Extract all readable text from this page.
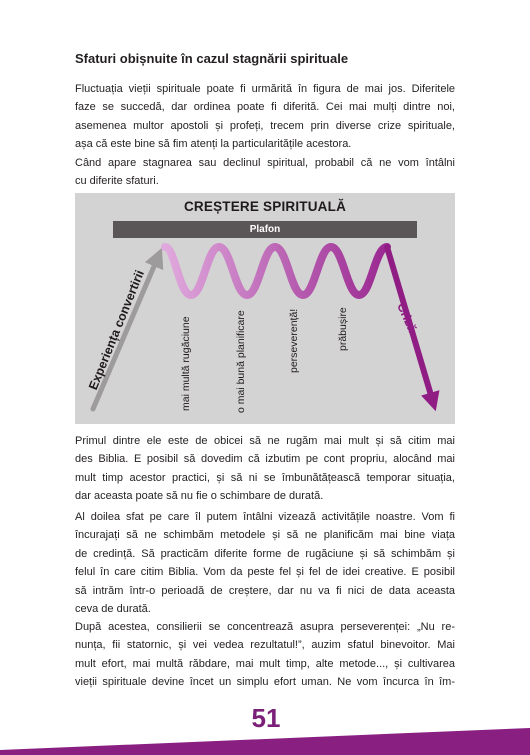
Sfaturi obișnuite în cazul stagnării spirituale

Fluctuația vieții spirituale poate fi urmărită în figura de mai jos. Diferitele
faze se succedă, dar ordinea poate fi diferită. Cei mai mulți dintre noi,
asemenea multor apostoli și profeți, trecem prin diverse crize spirituale,
așa că este bine să fim atenți la particularitățile acestora.

Când apare stagnarea sau declinul spiritual, probabil că ne vom întâlni
cu diferite sfaturi.

CREȘTERE SPIRITUALĂ
Plafon
Experiența convertirii	mai multă rugăciune	o mai bună planificare	perseverență!	prăbușire	Criză

Primul dintre ele este de obicei să ne rugăm mai mult și să citim mai
des Biblia. E posibil să dovedim că izbutim pe cont propriu, alocând mai
mult timp acestor practici, și să ni se îmbunătățească temporar situația,
dar aceasta poate să nu fie o schimbare de durată.

Al doilea sfat pe care îl putem întâlni vizează activitățile noastre. Vom fi
încurajați să ne schimbăm metodele și să ne planificăm mai bine viața
de credință. Să practicăm diferite forme de rugăciune și să schimbăm și
felul în care citim Biblia. Vom da peste fel și fel de idei creative. E posibil
să intrăm într-o perioadă de creștere, dar nu va fi nici de data aceasta
ceva de durată.

După acestea, consilierii se concentrează asupra perseverenței: „Nu re-
nunța, fii statornic, și vei vedea rezultatul!”, auzim sfatul binevoitor. Mai
mult efort, mai multă răbdare, mai mult timp, alte metode..., și cultivarea
vieții spirituale devine încet un simplu efort uman. Ne vom încurca în îm-

51
